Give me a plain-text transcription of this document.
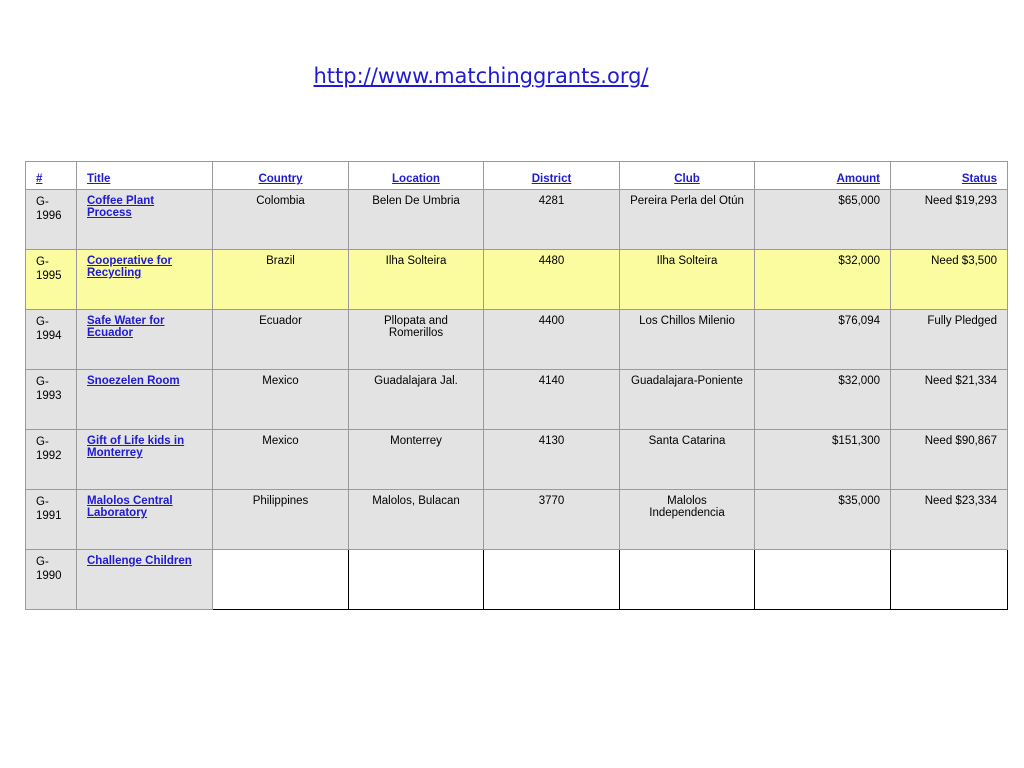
http://www.matchinggrants.org/
#	Title	Country	Location	District	Club	Amount	Status
G-1996	Coffee Plant Process	Colombia	Belen De Umbria	4281	Pereira Perla del Otún	$65,000	Need $19,293
G-1995	Cooperative for Recycling	Brazil	Ilha Solteira	4480	Ilha Solteira	$32,000	Need $3,500
G-1994	Safe Water for Ecuador	Ecuador	Pllopata and Romerillos	4400	Los Chillos Milenio	$76,094	Fully Pledged
G-1993	Snoezelen Room	Mexico	Guadalajara Jal.	4140	Guadalajara-Poniente	$32,000	Need $21,334
G-1992	Gift of Life kids in Monterrey	Mexico	Monterrey	4130	Santa Catarina	$151,300	Need $90,867
G-1991	Malolos Central Laboratory	Philippines	Malolos, Bulacan	3770	Malolos Independencia	$35,000	Need $23,334
G-1990	Challenge Children						
